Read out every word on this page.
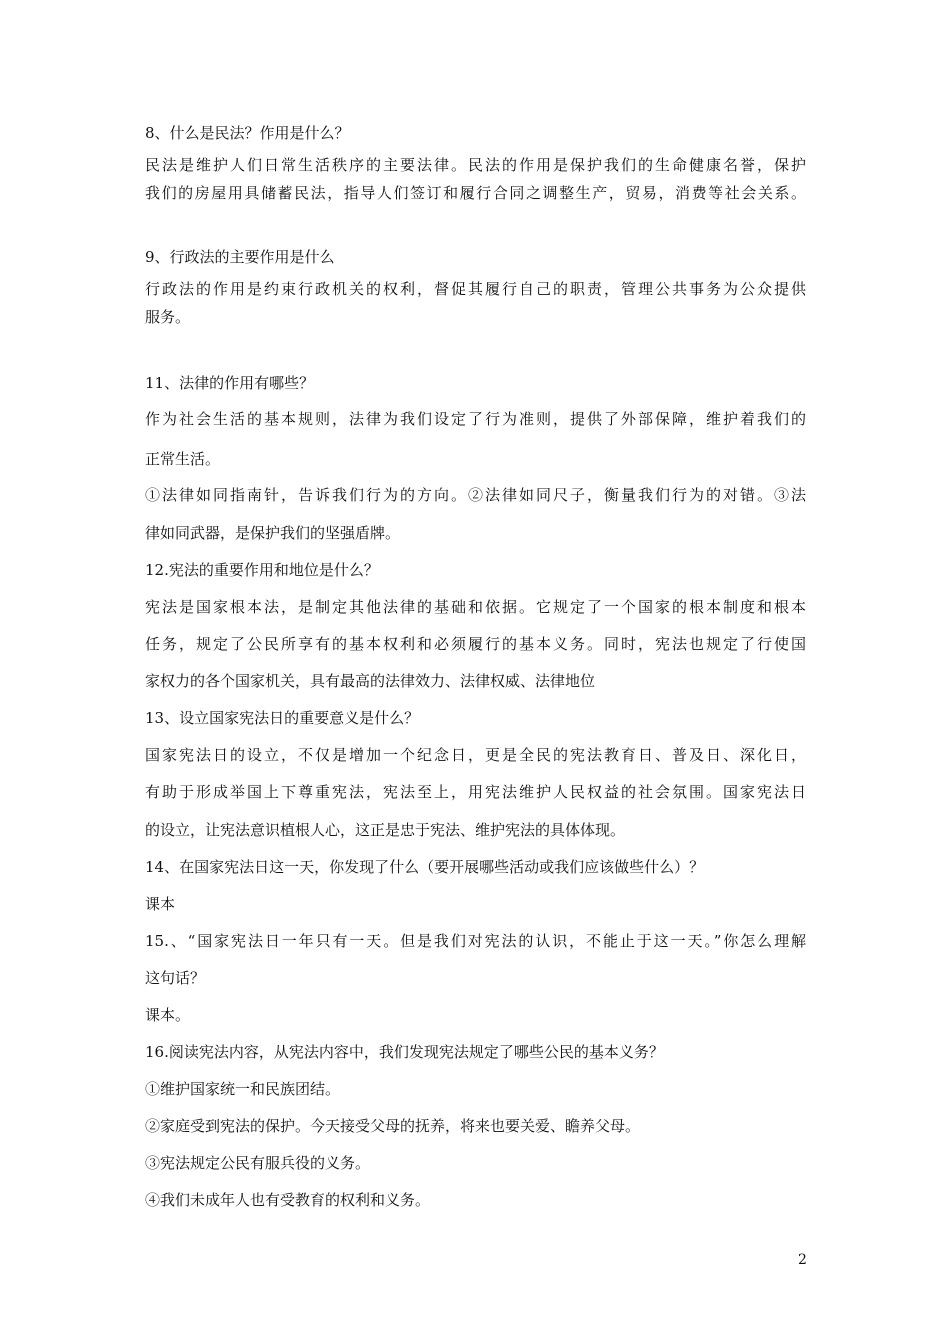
8、什么是民法？作用是什么？
民法是维护人们日常生活秩序的主要法律。民法的作用是保护我们的生命健康名誉，保护
我们的房屋用具储蓄民法，指导人们签订和履行合同之调整生产，贸易，消费等社会关系。
9、行政法的主要作用是什么
行政法的作用是约束行政机关的权利，督促其履行自己的职责，管理公共事务为公众提供
服务。
11、法律的作用有哪些？
作为社会生活的基本规则，法律为我们设定了行为准则，提供了外部保障，维护着我们的
正常生活。
①法律如同指南针，告诉我们行为的方向。②法律如同尺子，衡量我们行为的对错。③法
律如同武器，是保护我们的坚强盾牌。
12.宪法的重要作用和地位是什么？
宪法是国家根本法，是制定其他法律的基础和依据。它规定了一个国家的根本制度和根本
任务，规定了公民所享有的基本权利和必须履行的基本义务。同时，宪法也规定了行使国
家权力的各个国家机关，具有最高的法律效力、法律权威、法律地位
13、设立国家宪法日的重要意义是什么？
国家宪法日的设立，不仅是增加一个纪念日，更是全民的宪法教育日、普及日、深化日，
有助于形成举国上下尊重宪法，宪法至上，用宪法维护人民权益的社会氛围。国家宪法日
的设立，让宪法意识植根人心，这正是忠于宪法、维护宪法的具体体现。
14、在国家宪法日这一天，你发现了什么（要开展哪些活动或我们应该做些什么）？
课本
15.、“国家宪法日一年只有一天。但是我们对宪法的认识，不能止于这一天。”你怎么理解
这句话？
课本。
16.阅读宪法内容，从宪法内容中，我们发现宪法规定了哪些公民的基本义务？
①维护国家统一和民族团结。
②家庭受到宪法的保护。今天接受父母的抚养，将来也要关爱、瞻养父母。
③宪法规定公民有服兵役的义务。
④我们未成年人也有受教育的权利和义务。
2
